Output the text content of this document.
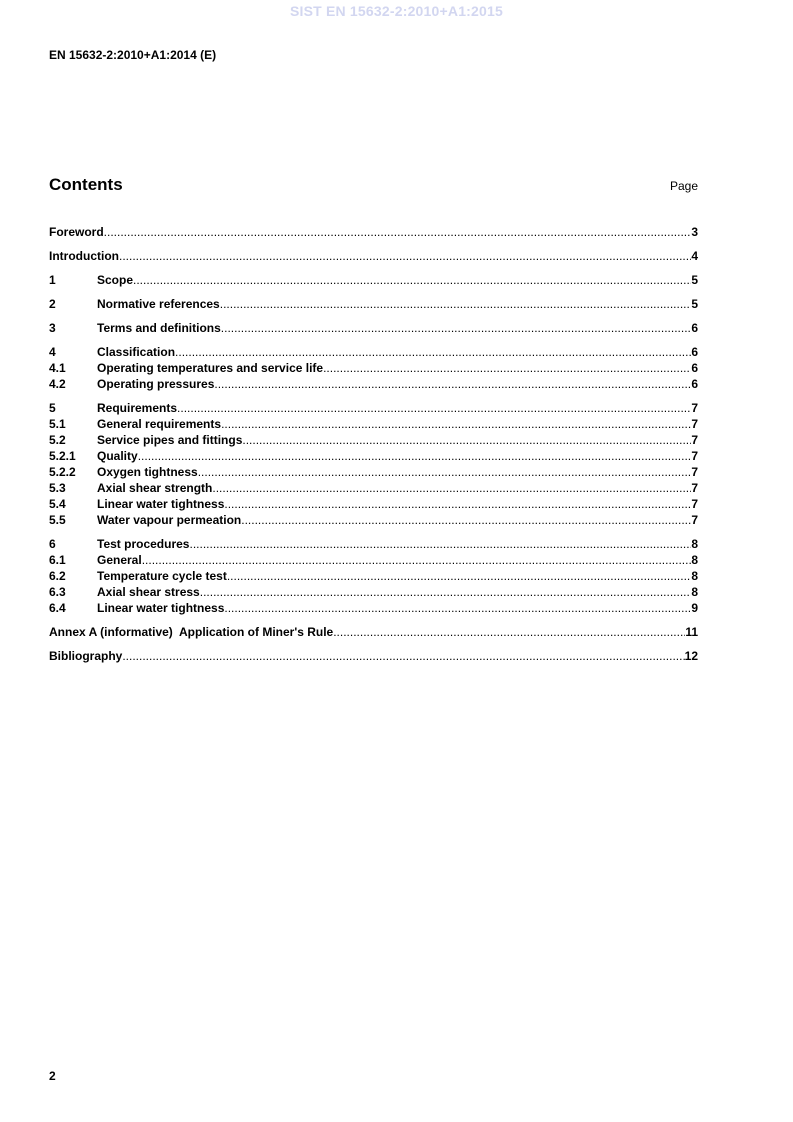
SIST EN 15632-2:2010+A1:2015
EN 15632-2:2010+A1:2014 (E)
Contents	Page
Foreword .....	3
Introduction .....	4
1	Scope .....	5
2	Normative references .....	5
3	Terms and definitions .....	6
4	Classification .....	6
4.1	Operating temperatures and service life .....	6
4.2	Operating pressures .....	6
5	Requirements .....	7
5.1	General requirements .....	7
5.2	Service pipes and fittings .....	7
5.2.1	Quality .....	7
5.2.2	Oxygen tightness .....	7
5.3	Axial shear strength .....	7
5.4	Linear water tightness .....	7
5.5	Water vapour permeation .....	7
6	Test procedures .....	8
6.1	General .....	8
6.2	Temperature cycle test .....	8
6.3	Axial shear stress .....	8
6.4	Linear water tightness .....	9
Annex A (informative)  Application of Miner's Rule .....	11
Bibliography .....	12
2
